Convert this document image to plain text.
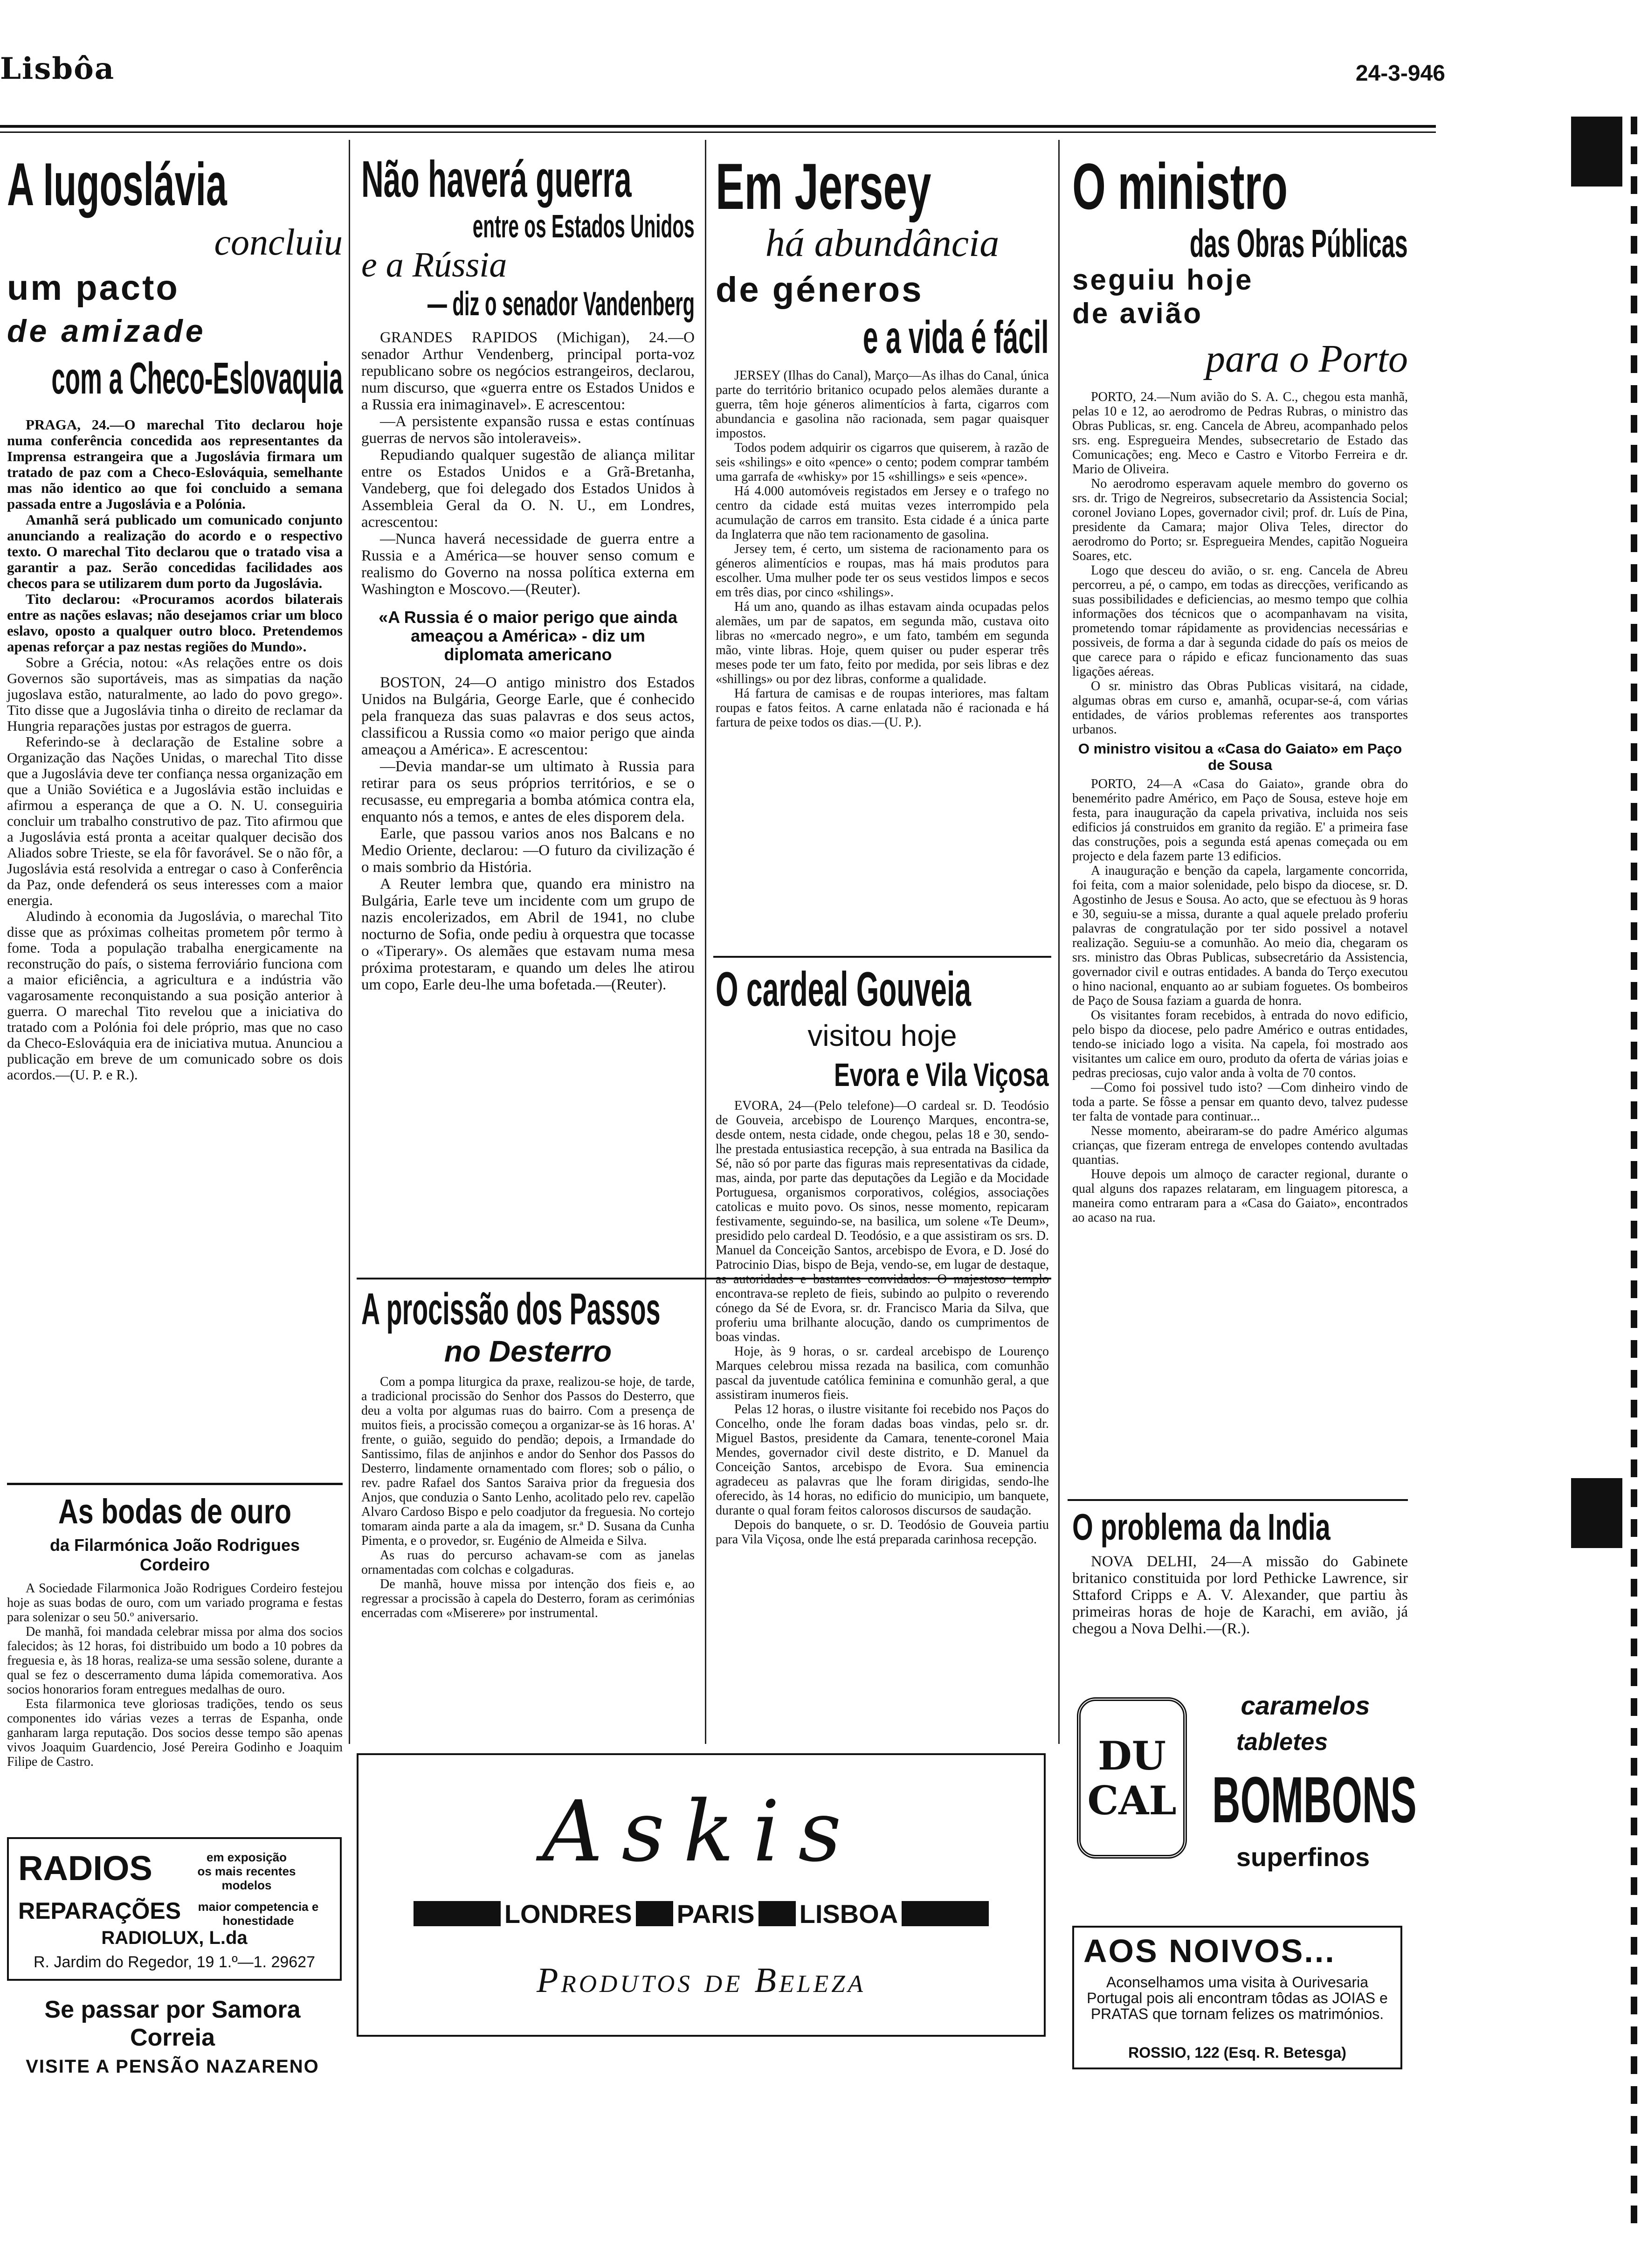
Lisbôa	24-3-946
A Iugoslávia
concluiu
um pacto
de amizade
com a Checo-Eslovaquia

PRAGA, 24.—O marechal Tito declarou hoje numa conferência concedida aos representantes da Imprensa estrangeira que a Jugoslávia firmara um tratado de paz com a Checo-Eslováquia, semelhante mas não identico ao que foi concluido a semana passada entre a Jugoslávia e a Polónia.

Amanhã será publicado um comunicado conjunto anunciando a realização do acordo e o respectivo texto. O marechal Tito declarou que o tratado visa a garantir a paz. Serão concedidas facilidades aos checos para se utilizarem dum porto da Jugoslávia.

Tito declarou: «Procuramos acordos bilaterais entre as nações eslavas; não desejamos criar um bloco eslavo, oposto a qualquer outro bloco. Pretendemos apenas reforçar a paz nestas regiões do Mundo».

Sobre a Grécia, notou: «As relações entre os dois Governos são suportáveis, mas as simpatias da nação jugoslava estão, naturalmente, ao lado do povo grego». Tito disse que a Jugoslávia tinha o direito de reclamar da Hungria reparações justas por estragos de guerra.

Referindo-se à declaração de Estaline sobre a Organização das Nações Unidas, o marechal Tito disse que a Jugoslávia deve ter confiança nessa organização em que a União Soviética e a Jugoslávia estão incluidas e afirmou a esperança de que a O. N. U. conseguiria concluir um trabalho construtivo de paz. Tito afirmou que a Jugoslávia está pronta a aceitar qualquer decisão dos Aliados sobre Trieste, se ela fôr favorável. Se o não fôr, a Jugoslávia está resolvida a entregar o caso à Conferência da Paz, onde defenderá os seus interesses com a maior energia.

Aludindo à economia da Jugoslávia, o marechal Tito disse que as próximas colheitas prometem pôr termo à fome. Toda a população trabalha energicamente na reconstrução do país, o sistema ferroviário funciona com a maior eficiência, a agricultura e a indústria vão vagarosamente reconquistando a sua posição anterior à guerra. O marechal Tito revelou que a iniciativa do tratado com a Polónia foi dele próprio, mas que no caso da Checo-Eslováquia era de iniciativa mutua. Anunciou a publicação em breve de um comunicado sobre os dois acordos.—(U. P. e R.).

As bodas de ouro
da Filarmónica João Rodrigues
Cordeiro

A Sociedade Filarmonica João Rodrigues Cordeiro festejou hoje as suas bodas de ouro, com um variado programa e festas para solenizar o seu 50.º aniversario.

De manhã, foi mandada celebrar missa por alma dos socios falecidos; às 12 horas, foi distribuido um bodo a 10 pobres da freguesia e, às 18 horas, realiza-se uma sessão solene, durante a qual se fez o descerramento duma lápida comemorativa. Aos socios honorarios foram entregues medalhas de ouro.

Esta filarmonica teve gloriosas tradições, tendo os seus componentes ido várias vezes a terras de Espanha, onde ganharam larga reputação. Dos socios desse tempo são apenas vivos Joaquim Guardencio, José Pereira Godinho e Joaquim Filipe de Castro.

RADIOS	em exposição
os mais recentes
modelos
REPARAÇÕES	maior competencia e
honestidade
RADIOLUX, L.da
R. Jardim do Regedor, 19 1.º—1. 29627
Se passar por Samora Correia
VISITE A PENSÃO NAZARENO
Não haverá guerra
entre os Estados Unidos
e a Rússia
— diz o senador Vandenberg

GRANDES RAPIDOS (Michigan), 24.—O senador Arthur Vendenberg, principal porta-voz republicano sobre os negócios estrangeiros, declarou, num discurso, que «guerra entre os Estados Unidos e a Russia era inimaginavel». E acrescentou:

—A persistente expansão russa e estas contínuas guerras de nervos são intoleraveis».

Repudiando qualquer sugestão de aliança militar entre os Estados Unidos e a Grã-Bretanha, Vandeberg, que foi delegado dos Estados Unidos à Assembleia Geral da O. N. U., em Londres, acrescentou:

—Nunca haverá necessidade de guerra entre a Russia e a América—se houver senso comum e realismo do Governo na nossa política externa em Washington e Moscovo.—(Reuter).

«A Russia é o maior perigo que ainda ameaçou a América» - diz um diplomata americano

BOSTON, 24—O antigo ministro dos Estados Unidos na Bulgária, George Earle, que é conhecido pela franqueza das suas palavras e dos seus actos, classificou a Russia como «o maior perigo que ainda ameaçou a América». E acrescentou:

—Devia mandar-se um ultimato à Russia para retirar para os seus próprios territórios, e se o recusasse, eu empregaria a bomba atómica contra ela, enquanto nós a temos, e antes de eles disporem dela.

Earle, que passou varios anos nos Balcans e no Medio Oriente, declarou: —O futuro da civilização é o mais sombrio da História.

A Reuter lembra que, quando era ministro na Bulgária, Earle teve um incidente com um grupo de nazis encolerizados, em Abril de 1941, no clube nocturno de Sofia, onde pediu à orquestra que tocasse o «Tiperary». Os alemães que estavam numa mesa próxima protestaram, e quando um deles lhe atirou um copo, Earle deu-lhe uma bofetada.—(Reuter).

A procissão dos Passos
no Desterro

Com a pompa liturgica da praxe, realizou-se hoje, de tarde, a tradicional procissão do Senhor dos Passos do Desterro, que deu a volta por algumas ruas do bairro. Com a presença de muitos fieis, a procissão começou a organizar-se às 16 horas. A' frente, o guião, seguido do pendão; depois, a Irmandade do Santissimo, filas de anjinhos e andor do Senhor dos Passos do Desterro, lindamente ornamentado com flores; sob o pálio, o rev. padre Rafael dos Santos Saraiva prior da freguesia dos Anjos, que conduzia o Santo Lenho, acolitado pelo rev. capelão Alvaro Cardoso Bispo e pelo coadjutor da freguesia. No cortejo tomaram ainda parte a ala da imagem, sr.ª D. Susana da Cunha Pimenta, e o provedor, sr. Eugénio de Almeida e Silva.

As ruas do percurso achavam-se com as janelas ornamentadas com colchas e colgaduras.

De manhã, houve missa por intenção dos fieis e, ao regressar a procissão à capela do Desterro, foram as cerimónias encerradas com «Miserere» por instrumental.

Em Jersey
há abundância
de géneros
e a vida é fácil

JERSEY (Ilhas do Canal), Março—As ilhas do Canal, única parte do território britanico ocupado pelos alemães durante a guerra, têm hoje géneros alimentícios à farta, cigarros com abundancia e gasolina não racionada, sem pagar quaisquer impostos.

Todos podem adquirir os cigarros que quiserem, à razão de seis «shilings» e oito «pence» o cento; podem comprar também uma garrafa de «whisky» por 15 «shillings» e seis «pence».

Há 4.000 automóveis registados em Jersey e o trafego no centro da cidade está muitas vezes interrompido pela acumulação de carros em transito. Esta cidade é a única parte da Inglaterra que não tem racionamento de gasolina.

Jersey tem, é certo, um sistema de racionamento para os géneros alimentícios e roupas, mas há mais produtos para escolher. Uma mulher pode ter os seus vestidos limpos e secos em três dias, por cinco «shilings».

Há um ano, quando as ilhas estavam ainda ocupadas pelos alemães, um par de sapatos, em segunda mão, custava oito libras no «mercado negro», e um fato, também em segunda mão, vinte libras. Hoje, quem quiser ou puder esperar três meses pode ter um fato, feito por medida, por seis libras e dez «shillings» ou por dez libras, conforme a qualidade.

Há fartura de camisas e de roupas interiores, mas faltam roupas e fatos feitos. A carne enlatada não é racionada e há fartura de peixe todos os dias.—(U. P.).

O cardeal Gouveia
visitou hoje
Evora e Vila Viçosa

EVORA, 24—(Pelo telefone)—O cardeal sr. D. Teodósio de Gouveia, arcebispo de Lourenço Marques, encontra-se, desde ontem, nesta cidade, onde chegou, pelas 18 e 30, sendo-lhe prestada entusiastica recepção, à sua entrada na Basilica da Sé, não só por parte das figuras mais representativas da cidade, mas, ainda, por parte das deputações da Legião e da Mocidade Portuguesa, organismos corporativos, colégios, associações catolicas e muito povo. Os sinos, nesse momento, repicaram festivamente, seguindo-se, na basilica, um solene «Te Deum», presidido pelo cardeal D. Teodósio, e a que assistiram os srs. D. Manuel da Conceição Santos, arcebispo de Evora, e D. José do Patrocinio Dias, bispo de Beja, vendo-se, em lugar de destaque, as autoridades e bastantes convidados. O majestoso templo encontrava-se repleto de fieis, subindo ao pulpito o reverendo cónego da Sé de Evora, sr. dr. Francisco Maria da Silva, que proferiu uma brilhante alocução, dando os cumprimentos de boas vindas.

Hoje, às 9 horas, o sr. cardeal arcebispo de Lourenço Marques celebrou missa rezada na basilica, com comunhão pascal da juventude católica feminina e comunhão geral, a que assistiram inumeros fieis.

Pelas 12 horas, o ilustre visitante foi recebido nos Paços do Concelho, onde lhe foram dadas boas vindas, pelo sr. dr. Miguel Bastos, presidente da Camara, tenente-coronel Maia Mendes, governador civil deste distrito, e D. Manuel da Conceição Santos, arcebispo de Evora. Sua eminencia agradeceu as palavras que lhe foram dirigidas, sendo-lhe oferecido, às 14 horas, no edificio do municipio, um banquete, durante o qual foram feitos calorosos discursos de saudação.

Depois do banquete, o sr. D. Teodósio de Gouveia partiu para Vila Viçosa, onde lhe está preparada carinhosa recepção.

O ministro
das Obras Públicas
seguiu hoje
de avião
para o Porto

PORTO, 24.—Num avião do S. A. C., chegou esta manhã, pelas 10 e 12, ao aerodromo de Pedras Rubras, o ministro das Obras Publicas, sr. eng. Cancela de Abreu, acompanhado pelos srs. eng. Espregueira Mendes, subsecretario de Estado das Comunicações; eng. Meco e Castro e Vitorbo Ferreira e dr. Mario de Oliveira.

No aerodromo esperavam aquele membro do governo os srs. dr. Trigo de Negreiros, subsecretario da Assistencia Social; coronel Joviano Lopes, governador civil; prof. dr. Luís de Pina, presidente da Camara; major Oliva Teles, director do aerodromo do Porto; sr. Espregueira Mendes, capitão Nogueira Soares, etc.

Logo que desceu do avião, o sr. eng. Cancela de Abreu percorreu, a pé, o campo, em todas as direcções, verificando as suas possibilidades e deficiencias, ao mesmo tempo que colhia informações dos técnicos que o acompanhavam na visita, prometendo tomar rápidamente as providencias necessárias e possiveis, de forma a dar à segunda cidade do país os meios de que carece para o rápido e eficaz funcionamento das suas ligações aéreas.

O sr. ministro das Obras Publicas visitará, na cidade, algumas obras em curso e, amanhã, ocupar-se-á, com várias entidades, de vários problemas referentes aos transportes urbanos.

O ministro visitou a «Casa do Gaiato» em Paço de Sousa

PORTO, 24—A «Casa do Gaiato», grande obra do benemérito padre Américo, em Paço de Sousa, esteve hoje em festa, para inauguração da capela privativa, incluida nos seis edificios já construidos em granito da região. E' a primeira fase das construções, pois a segunda está apenas começada ou em projecto e dela fazem parte 13 edificios.

A inauguração e benção da capela, largamente concorrida, foi feita, com a maior solenidade, pelo bispo da diocese, sr. D. Agostinho de Jesus e Sousa. Ao acto, que se efectuou às 9 horas e 30, seguiu-se a missa, durante a qual aquele prelado proferiu palavras de congratulação por ter sido possivel a notavel realização. Seguiu-se a comunhão. Ao meio dia, chegaram os srs. ministro das Obras Publicas, subsecretário da Assistencia, governador civil e outras entidades. A banda do Terço executou o hino nacional, enquanto ao ar subiam foguetes. Os bombeiros de Paço de Sousa faziam a guarda de honra.

Os visitantes foram recebidos, à entrada do novo edificio, pelo bispo da diocese, pelo padre Américo e outras entidades, tendo-se iniciado logo a visita. Na capela, foi mostrado aos visitantes um calice em ouro, produto da oferta de várias joias e pedras preciosas, cujo valor anda à volta de 70 contos.

—Como foi possivel tudo isto? —Com dinheiro vindo de toda a parte. Se fôsse a pensar em quanto devo, talvez pudesse ter falta de vontade para continuar...

Nesse momento, abeiraram-se do padre Américo algumas crianças, que fizeram entrega de envelopes contendo avultadas quantias.

Houve depois um almoço de caracter regional, durante o qual alguns dos rapazes relataram, em linguagem pitoresca, a maneira como entraram para a «Casa do Gaiato», encontrados ao acaso na rua.

O problema da India

NOVA DELHI, 24—A missão do Gabinete britanico constituida por lord Pethicke Lawrence, sir Sttaford Cripps e A. V. Alexander, que partiu às primeiras horas de hoje de Karachi, em avião, já chegou a Nova Delhi.—(R.).

Askis
LONDRES PARIS LISBOA
Produtos de Beleza
DU CAL
caramelos
tabletes
BOMBONS
superfinos
AOS NOIVOS...
Aconselhamos uma visita à Ourivesaria Portugal pois ali encontram tôdas as JOIAS e PRATAS que tornam felizes os matrimónios.
ROSSIO, 122 (Esq. R. Betesga)
